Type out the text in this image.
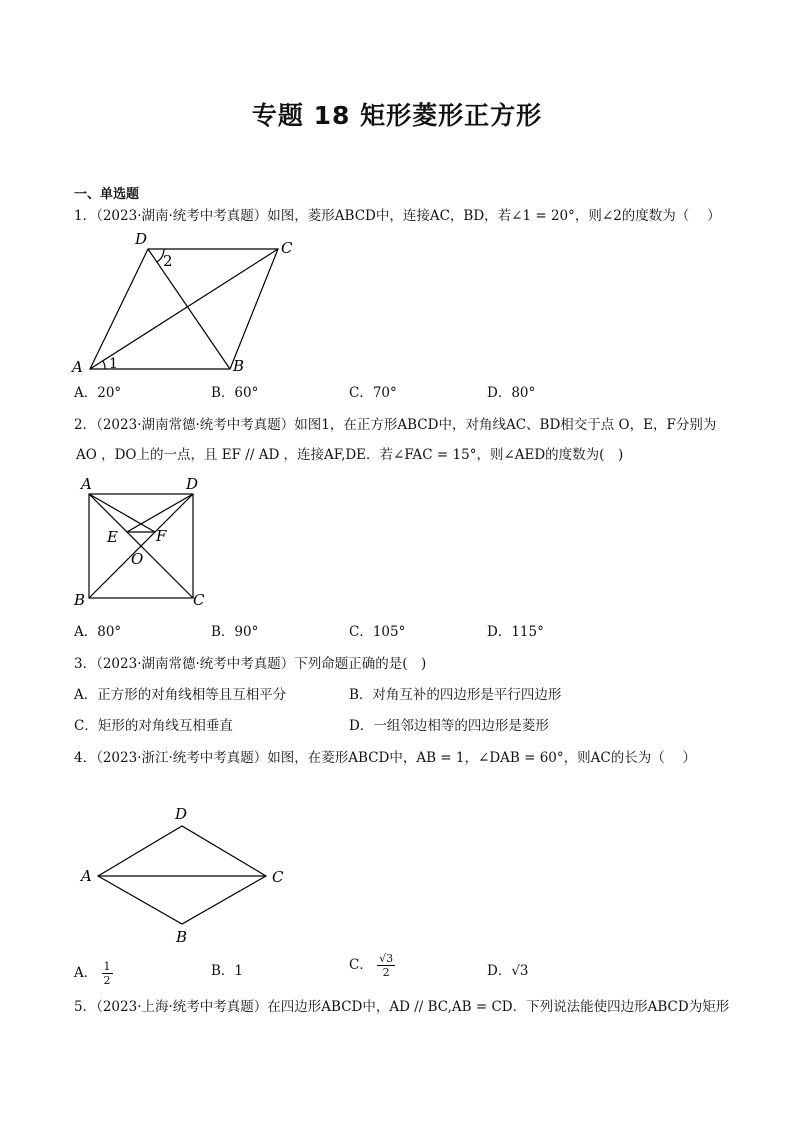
专题 18 矩形菱形正方形
一、单选题
1．（2023·湖南·统考中考真题）如图，菱形ABCD中，连接AC，BD，若∠1 = 20°，则∠2的度数为（　 ）
D	C
A	B
2
1
A．20°	B．60°	C．70°	D．80°
2．（2023·湖南常德·统考中考真题）如图1，在正方形ABCD中，对角线AC、BD相交于点 O，E，F分别为
AO ，DO上的一点，且 EF // AD ，连接AF,DE．若∠FAC = 15°，则∠AED的度数为(　)
A	D
E	F
O
B	C
A．80°	B．90°	C．105°	D．115°
3．（2023·湖南常德·统考中考真题）下列命题正确的是(　)
A．正方形的对角线相等且互相平分	B．对角互补的四边形是平行四边形
C．矩形的对角线互相垂直	D．一组邻边相等的四边形是菱形
4．（2023·浙江·统考中考真题）如图，在菱形ABCD中，AB = 1，∠DAB = 60°，则AC的长为（　 ）
D
A	C
B
A． $\frac{1}{2}$	B．1	C． $\frac{√3}{2}$	D．√3
5．（2023·上海·统考中考真题）在四边形ABCD中，AD // BC,AB = CD．下列说法能使四边形ABCD为矩形
